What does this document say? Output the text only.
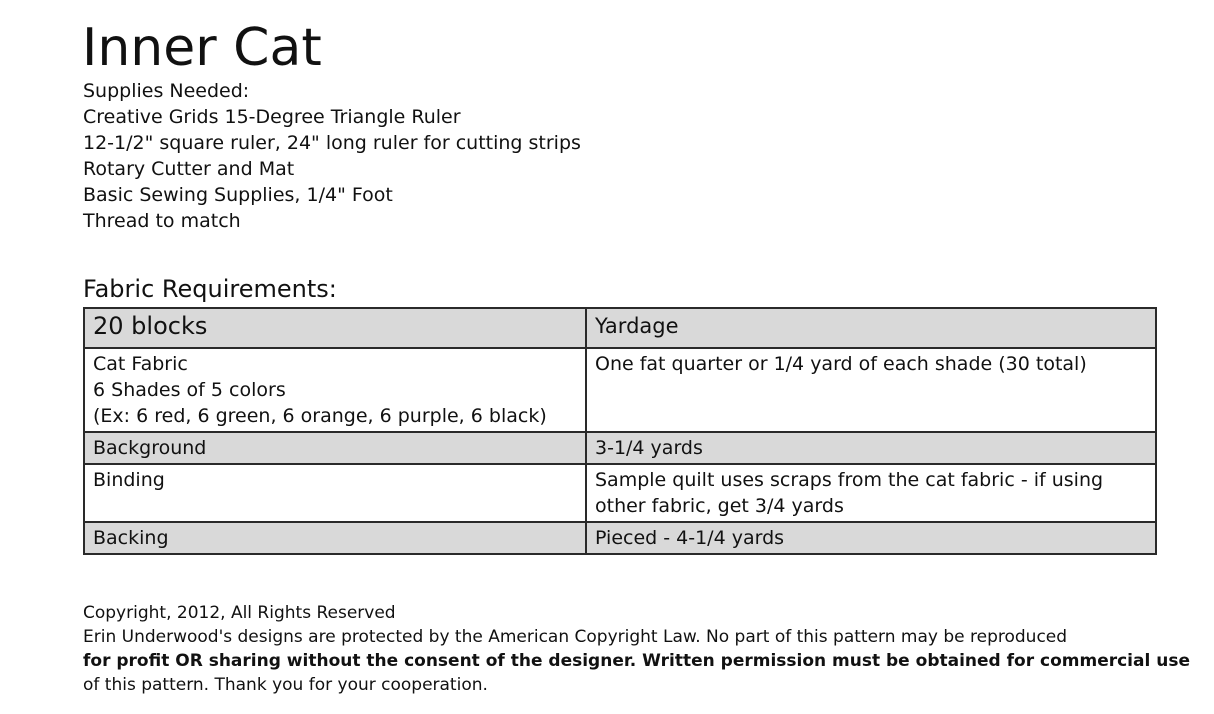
Inner Cat
Supplies Needed:
Creative Grids 15-Degree Triangle Ruler
12-1/2" square ruler, 24" long ruler for cutting strips
Rotary Cutter and Mat
Basic Sewing Supplies, 1/4" Foot
Thread to match
Fabric Requirements:
20 blocks	Yardage

Cat Fabric
6 Shades of 5 colors
(Ex: 6 red, 6 green, 6 orange, 6 purple, 6 black)	One fat quarter or 1/4 yard of each shade (30 total)

Background	3-1/4 yards

Binding	Sample quilt uses scraps from the cat fabric - if using
other fabric, get 3/4 yards

Backing	Pieced - 4-1/4 yards
Copyright, 2012, All Rights Reserved
Erin Underwood's designs are protected by the American Copyright Law. No part of this pattern may be reproduced
for profit OR sharing without the consent of the designer. Written permission must be obtained for commercial use
of this pattern. Thank you for your cooperation.
